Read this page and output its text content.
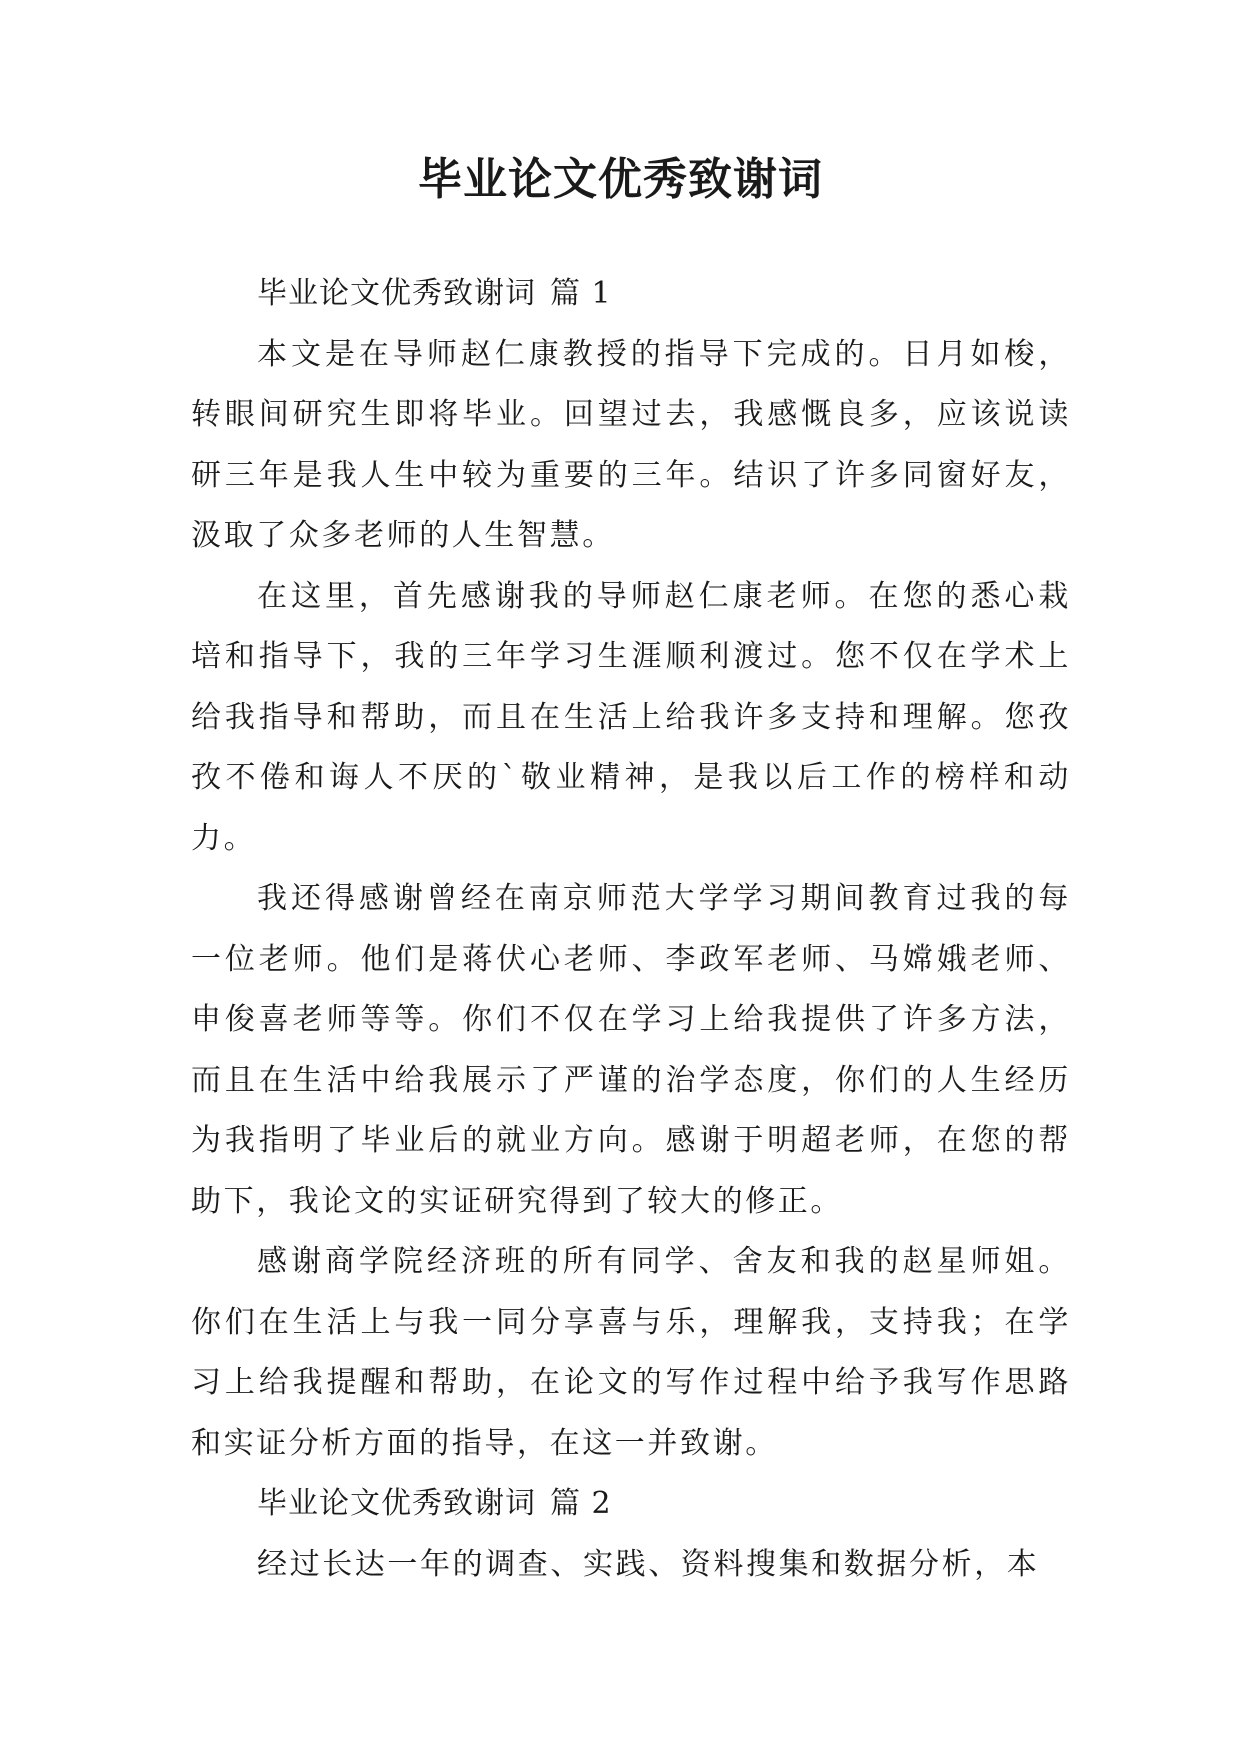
毕业论文优秀致谢词

毕业论文优秀致谢词 篇 1

本文是在导师赵仁康教授的指导下完成的。日月如梭，转眼间研究生即将毕业。回望过去，我感慨良多，应该说读研三年是我人生中较为重要的三年。结识了许多同窗好友，汲取了众多老师的人生智慧。

在这里，首先感谢我的导师赵仁康老师。在您的悉心栽培和指导下，我的三年学习生涯顺利渡过。您不仅在学术上给我指导和帮助，而且在生活上给我许多支持和理解。您孜孜不倦和诲人不厌的`敬业精神，是我以后工作的榜样和动力。

我还得感谢曾经在南京师范大学学习期间教育过我的每一位老师。他们是蒋伏心老师、李政军老师、马嫦娥老师、申俊喜老师等等。你们不仅在学习上给我提供了许多方法，而且在生活中给我展示了严谨的治学态度，你们的人生经历为我指明了毕业后的就业方向。感谢于明超老师，在您的帮助下，我论文的实证研究得到了较大的修正。

感谢商学院经济班的所有同学、舍友和我的赵星师姐。你们在生活上与我一同分享喜与乐，理解我，支持我；在学习上给我提醒和帮助，在论文的写作过程中给予我写作思路和实证分析方面的指导，在这一并致谢。

毕业论文优秀致谢词 篇 2

经过长达一年的调查、实践、资料搜集和数据分析，本
